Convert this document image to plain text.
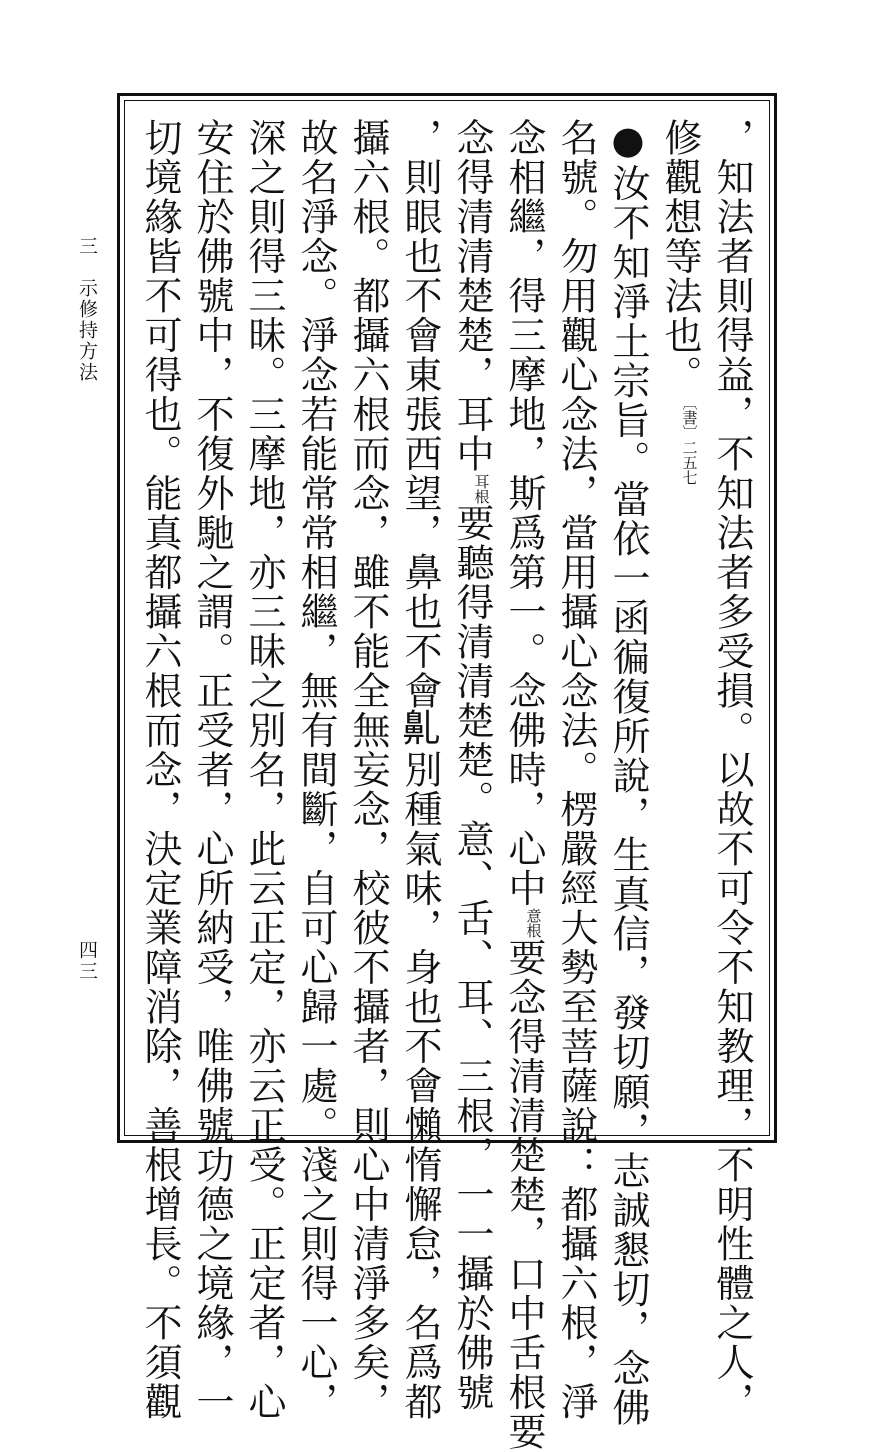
三　示修持方法
四三	，知法者則得益，不知法者多受損。以故不可令不知教理，不明性體之人，
修觀想等法也。〔書〕二五七
●汝不知淨土宗旨。當依一函徧復所說，生真信，發切願，志誠懇切，念佛
名號。勿用觀心念法，當用攝心念法。楞嚴經大勢至菩薩說：都攝六根，淨
念相繼，得三摩地，斯爲第一。念佛時，心中意根要念得清清楚楚，口中舌根要
念得清清楚楚，耳中耳根要聽得清清楚楚。意、舌、耳、三根，一一攝於佛號
，則眼也不會東張西望，鼻也不會𪖐別種氣味，身也不會懶惰懈怠，名爲都
攝六根。都攝六根而念，雖不能全無妄念，校彼不攝者，則心中清淨多矣，
故名淨念。淨念若能常常相繼，無有間斷，自可心歸一處。淺之則得一心，
深之則得三昧。三摩地，亦三昧之別名，此云正定，亦云正受。正定者，心
安住於佛號中，不復外馳之謂。正受者，心所納受，唯佛號功德之境緣，一
切境緣皆不可得也。能真都攝六根而念，決定業障消除，善根增長。不須觀
